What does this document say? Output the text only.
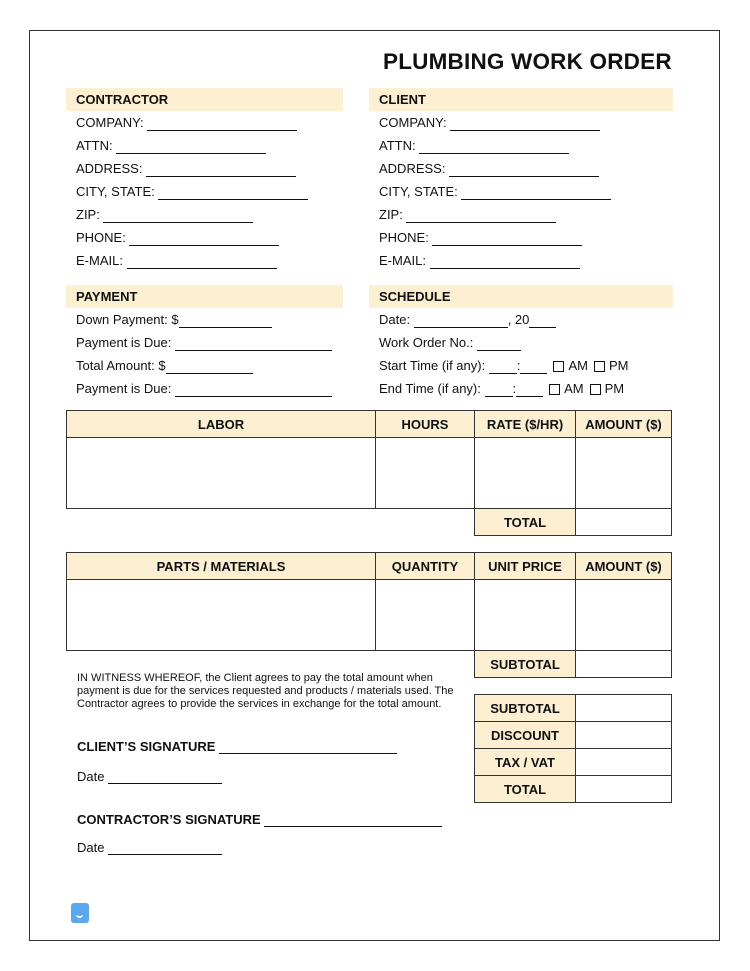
PLUMBING WORK ORDER
CONTRACTOR
COMPANY:

ATTN:

ADDRESS:

CITY, STATE:

ZIP:

PHONE:

E-MAIL:

CLIENT
COMPANY:

ATTN:

ADDRESS:

CITY, STATE:

ZIP:

PHONE:

E-MAIL:

PAYMENT
Down Payment: $
Payment is Due:

Total Amount: $
Payment is Due:

SCHEDULE
Date:
	, 20
Work Order No.:

Start Time (if any):
:	AM PM
End Time (if any):
:	AM PM
LABOR	HOURS	RATE ($/HR)	AMOUNT ($)

		TOTAL	
PARTS / MATERIALS	QUANTITY	UNIT PRICE	AMOUNT ($)

		SUBTOTAL	
IN WITNESS WHEREOF, the Client agrees to pay the total amount when payment is due for the services requested and products / materials used. The Contractor agrees to provide the services in exchange for the total amount.	SUBTOTAL	
DISCOUNT	
TAX / VAT	
TOTAL	
CLIENT’S SIGNATURE

Date

CONTRACTOR’S SIGNATURE

Date
